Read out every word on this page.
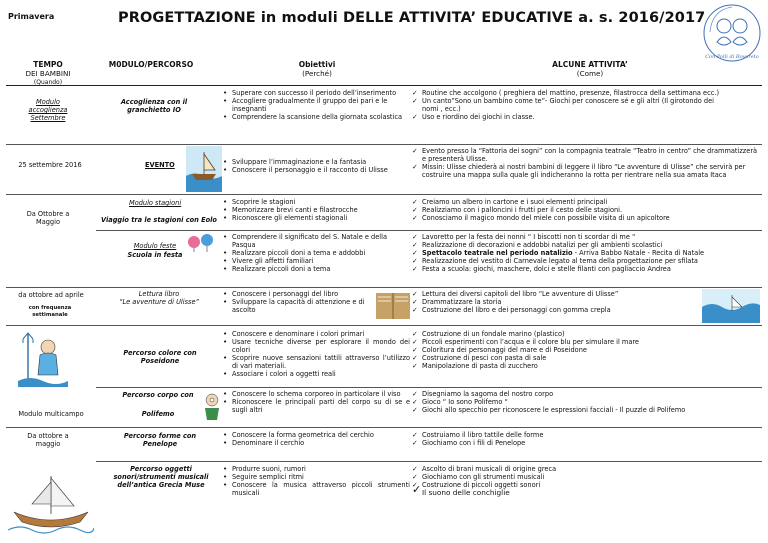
Primavera	PROGETTAZIONE in moduli DELLE ATTIVITA’ EDUCATIVE a. s. 2016/2017
Con Polli di Rovereto
TEMPO
DEI BAMBINI
(Quando)
M0DULO/PERCORSO	Obiettivi
(Perché)
ALCUNE ATTIVITA’
(Come)
Modulo
accoglienza
Settembre
Accoglienza con il granchietto IO
• Superare con successo il periodo dell’inserimento
• Accogliere gradualmente il gruppo dei pari e le insegnanti
• Comprendere la scansione della giornata scolastica
✓ Routine che accolgono ( preghiera del mattino, presenze, filastrocca della settimana ecc.)
✓ Un canto”Sono un bambino come te”- Giochi per conoscere sé e gli altri (Il girotondo dei nomi , ecc.)
✓ Uso e riordino dei giochi in classe.
25 settembre 2016	EVENTO
•	Sviluppare l’immaginazione e la fantasia
• Conoscere il personaggio e il racconto di Ulisse
✓ Evento presso la “Fattoria dei sogni” con la compagnia teatrale “Teatro in centro” che drammatizzerà e presenterà Ulisse.
✓ Missin: Ulisse chiederà ai nostri bambini di leggere il libro “Le avventure di Ulisse” che servirà per costruire una mappa sulla quale gli indicheranno la rotta per rientrare nella sua amata Itaca
Da Ottobre a
Maggio
Modulo stagioni
Viaggio tra le stagioni con Eolo
• Scoprire le stagioni
• Memorizzare brevi canti e filastrocche
• Riconoscere gli elementi stagionali
✓ Creiamo un albero in cartone e i suoi elementi principali
✓ Realizziamo con i palloncini i frutti per il cesto delle stagioni.
✓ Conosciamo il magico mondo del miele con possibile visita di un apicoltore
Modulo feste
Scuola in festa
• Comprendere il significato del S. Natale e della Pasqua
• Realizzare piccoli doni a tema e addobbi
• Vivere gli affetti familiari
• Realizzare piccoli doni a tema
✓ Lavoretto per la festa dei nonni “ I biscotti non ti scordar di me “
✓ Realizzazione di decorazioni e addobbi natalizi per gli ambienti scolastici
✓ Spettacolo teatrale nel periodo natalizio - Arriva Babbo Natale - Recita di Natale
✓ Realizzazione del vestito di Carnevale legato al tema della progettazione per sfilata
✓ Festa a scuola: giochi, maschere, dolci e stelle filanti con pagliaccio Andrea
da ottobre ad aprile
con frequenza
settimanale
Lettura libro
“Le avventure di Ulisse”
• Conoscere i personaggi del libro
• Sviluppare la capacità di attenzione e di ascolto
✓ Lettura dei diversi capitoli del libro “Le avventure di Ulisse”
✓ Drammatizzare la storia
✓ Costruzione del libro e dei personaggi con gomma crepla
Percorso colore con Poseidone
• Conoscere e denominare i colori primari
• Usare tecniche diverse per esplorare il mondo dei colori
• Scoprire nuove sensazioni tattili attraverso l’utilizzo di vari materiali.
• Associare i colori a oggetti reali
✓ Costruzione di un fondale marino (plastico)
✓ Piccoli esperimenti con l’acqua e il colore blu per simulare il mare
✓ Coloritura dei personaggi del mare e di Poseidone
✓ Costruzione di pesci con pasta di sale
✓ Manipolazione di pasta di zucchero
Modulo multicampo
Percorso corpo con
Polifemo
• Conoscere lo schema corporeo in particolare il viso
• Riconoscere le principali parti del corpo su di se e sugli altri
✓ Disegniamo la sagoma del nostro corpo
✓ Gioco “ Io sono Polifemo “
✓ Giochi allo specchio per riconoscere le espressioni facciali - Il puzzle di Polifemo
Da ottobre a
maggio
Percorso forme con Penelope
• Conoscere la forma geometrica del cerchio
• Denominare il cerchio
✓ Costruiamo il libro tattile delle forme
✓ Giochiamo con i fili di Penelope
Percorso oggetti sonori/strumenti musicali dell’antica Grecia Muse
• Produrre suoni, rumori
• Seguire semplici ritmi
• Conoscere la musica attraverso piccoli strumenti musicali
✓ Ascolto di brani musicali di origine greca
✓ Giochiamo con gli strumenti musicali
✓ Costruzione di piccoli oggetti sonori
✓ Il suono delle conchiglie
